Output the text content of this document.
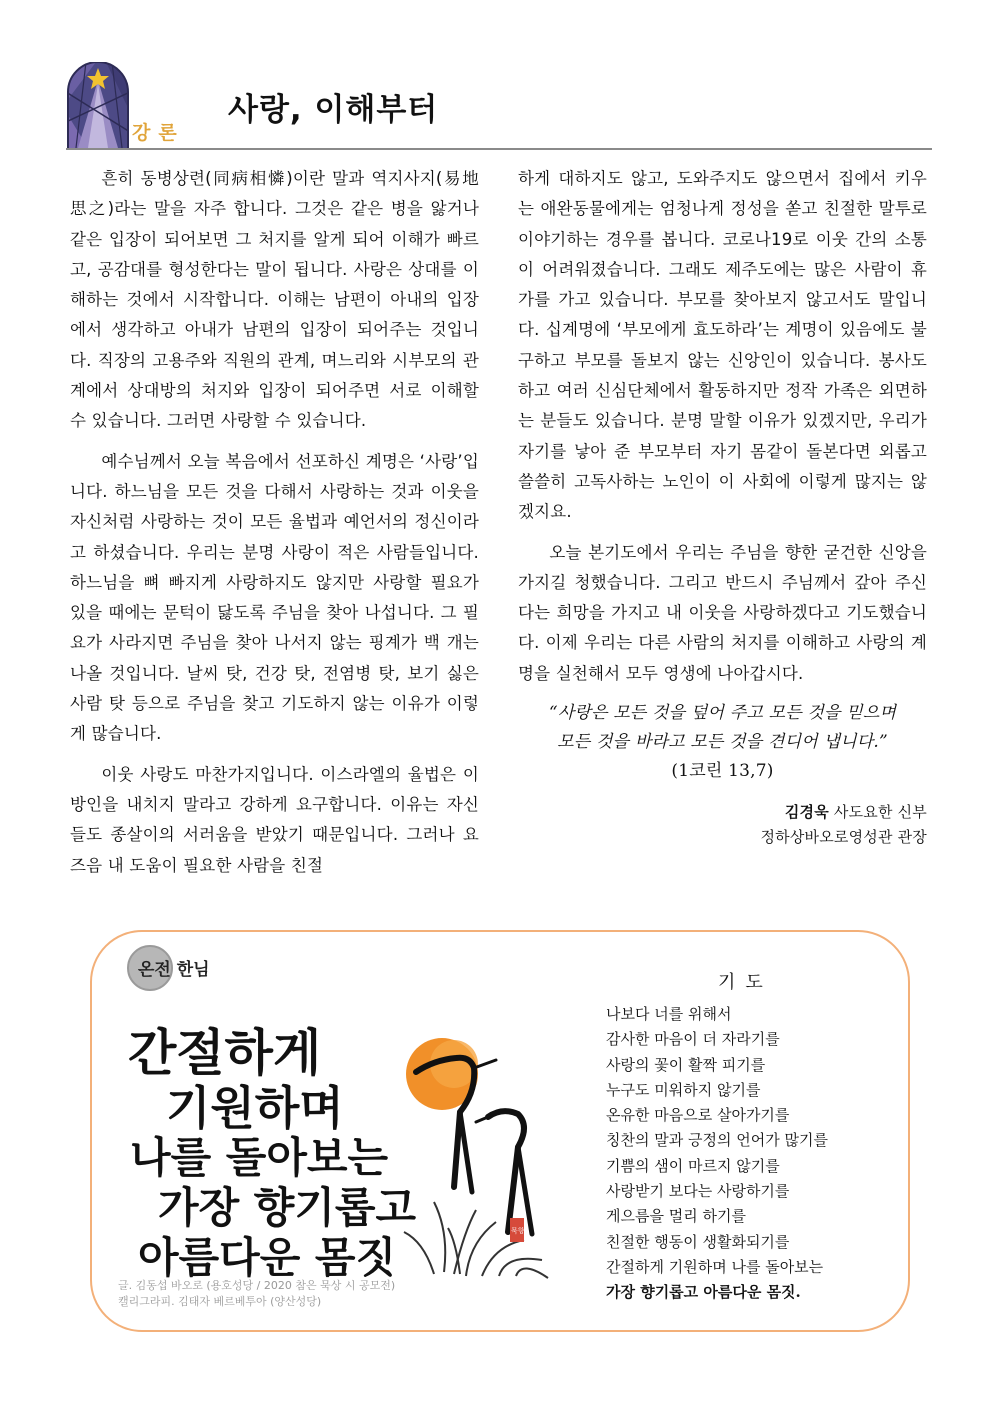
강론
사랑, 이해부터

흔히 동병상련(同病相憐)이란 말과 역지사지(易地思之)라는 말을 자주 합니다. 그것은 같은 병을 앓거나 같은 입장이 되어보면 그 처지를 알게 되어 이해가 빠르고, 공감대를 형성한다는 말이 됩니다. 사랑은 상대를 이해하는 것에서 시작합니다. 이해는 남편이 아내의 입장에서 생각하고 아내가 남편의 입장이 되어주는 것입니다. 직장의 고용주와 직원의 관계, 며느리와 시부모의 관계에서 상대방의 처지와 입장이 되어주면 서로 이해할 수 있습니다. 그러면 사랑할 수 있습니다.

예수님께서 오늘 복음에서 선포하신 계명은 ‘사랑’입니다. 하느님을 모든 것을 다해서 사랑하는 것과 이웃을 자신처럼 사랑하는 것이 모든 율법과 예언서의 정신이라고 하셨습니다. 우리는 분명 사랑이 적은 사람들입니다. 하느님을 뼈 빠지게 사랑하지도 않지만 사랑할 필요가 있을 때에는 문턱이 닳도록 주님을 찾아 나섭니다. 그 필요가 사라지면 주님을 찾아 나서지 않는 핑계가 백 개는 나올 것입니다. 날씨 탓, 건강 탓, 전염병 탓, 보기 싫은 사람 탓 등으로 주님을 찾고 기도하지 않는 이유가 이렇게 많습니다.

이웃 사랑도 마찬가지입니다. 이스라엘의 율법은 이방인을 내치지 말라고 강하게 요구합니다. 이유는 자신들도 종살이의 서러움을 받았기 때문입니다. 그러나 요즈음 내 도움이 필요한 사람을 친절

하게 대하지도 않고, 도와주지도 않으면서 집에서 키우는 애완동물에게는 엄청나게 정성을 쏟고 친절한 말투로 이야기하는 경우를 봅니다. 코로나19로 이웃 간의 소통이 어려워졌습니다. 그래도 제주도에는 많은 사람이 휴가를 가고 있습니다. 부모를 찾아보지 않고서도 말입니다. 십계명에 ‘부모에게 효도하라’는 계명이 있음에도 불구하고 부모를 돌보지 않는 신앙인이 있습니다. 봉사도 하고 여러 신심단체에서 활동하지만 정작 가족은 외면하는 분들도 있습니다. 분명 말할 이유가 있겠지만, 우리가 자기를 낳아 준 부모부터 자기 몸같이 돌본다면 외롭고 쓸쓸히 고독사하는 노인이 이 사회에 이렇게 많지는 않겠지요.

오늘 본기도에서 우리는 주님을 향한 굳건한 신앙을 가지길 청했습니다. 그리고 반드시 주님께서 갚아 주신다는 희망을 가지고 내 이웃을 사랑하겠다고 기도했습니다. 이제 우리는 다른 사람의 처지를 이해하고 사랑의 계명을 실천해서 모두 영생에 나아갑시다.

“사랑은 모든 것을 덮어 주고 모든 것을 믿으며
모든 것을 바라고 모든 것을 견디어 냅니다.”

(1코린 13,7)
김경욱 사도요한 신부
정하상바오로영성관 관장
온전 한님
간절하게
기원하며
나를 돌아보는
가장 향기롭고
아름다운 몸짓
묵향
글. 김동섭 바오로 (용호성당 / 2020 참은 묵상 시 공모전)
캘리그라피. 김태자 베르베투아 (양산성당)
기도
나보다 너를 위해서
감사한 마음이 더 자라기를
사랑의 꽃이 활짝 피기를
누구도 미워하지 않기를
온유한 마음으로 살아가기를
칭찬의 말과 긍정의 언어가 많기를
기쁨의 샘이 마르지 않기를
사랑받기 보다는 사랑하기를
게으름을 멀리 하기를
친절한 행동이 생활화되기를
간절하게 기원하며 나를 돌아보는
가장 향기롭고 아름다운 몸짓.
